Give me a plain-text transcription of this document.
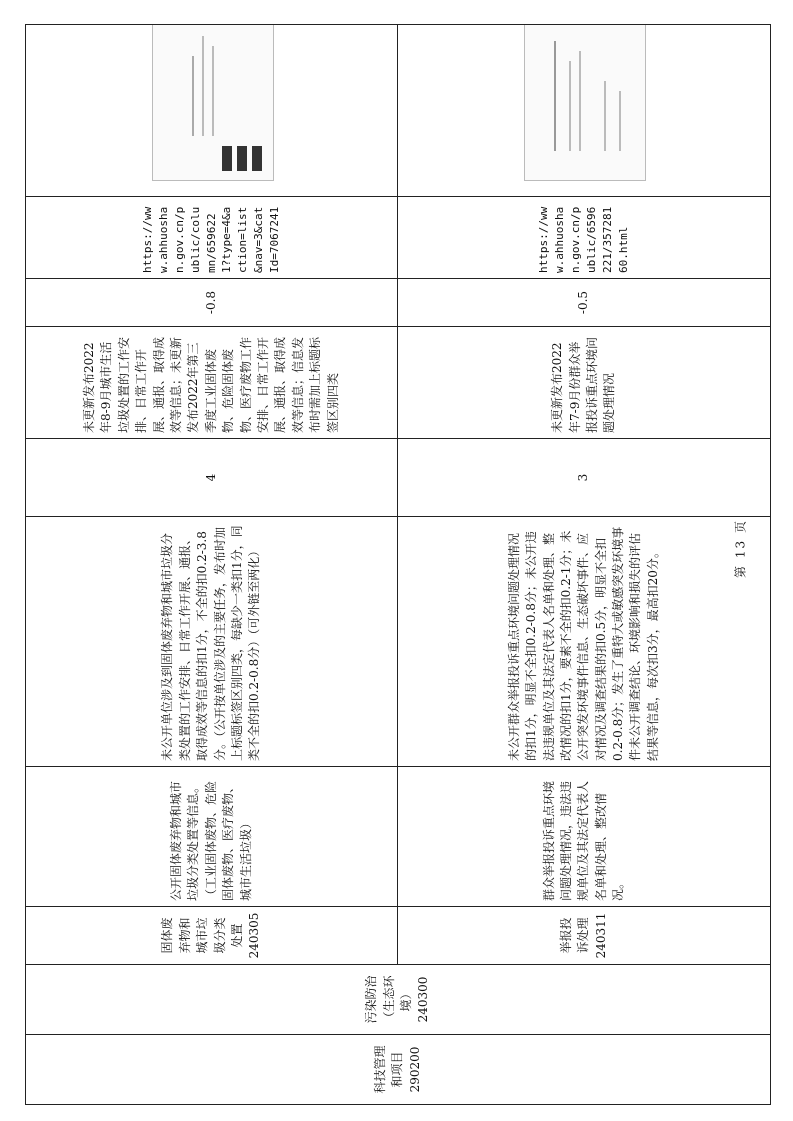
科技管理和项目290200	污染防治（生态环境）240300	固体废弃物和城市垃圾分类处置240305	公开固体废弃物和城市垃圾分类处置等信息。（工业固体废物、危险固体废物、医疗废物、城市生活垃圾）	未公开单位涉及到固体废弃物和城市垃圾分类处置的工作安排、日常工作开展、通报、取得成效等信息的扣1分，不全的扣0.2-3.8分。（公开按单位涉及的主要任务，发布时加上标题标签区别四类，每缺少一类扣1分，同类不全的扣0.2-0.8分）（可外链至两化）	4	未更新发布2022年8-9月城市生活垃圾处置的工作安排、日常工作开展、通报、取得成效等信息；未更新发布2022年第三季度工业固体废物、危险固体废物、医疗废物工作安排、日常工作开展、通报、取得成效等信息；信息发布时需加上标题标签区别四类	-0.8	https://www.ahhuoshan.gov.cn/public/column/6596221?type=4&action=list&nav=3&catId=7067241	

		举报投诉处理240311	群众举报投诉重点环境问题处理情况，违法违规单位及其法定代表人名单和处理、整改情况。	未公开群众举报投诉重点环境问题处理情况的扣1分，明显不全扣0.2-0.8分；未公开违法违规单位及其法定代表人名单和处理、整改情况的扣1分，要素不全的扣0.2-1分；未公开突发环境事件信息、生态破坏事件、应对情况及调查结果的扣0.5分，明显不全扣0.2-0.8分；发生了重特大或敏感突发环境事件未公开调查结论、环境影响和损失的评估结果等信息，每次扣3分，最高扣20分。	3	未更新发布2022年7-9月份群众举报投诉重点环境问题处理情况	-0.5	https://www.ahhuoshan.gov.cn/public/6596221/35728160.html	
第 13 页
